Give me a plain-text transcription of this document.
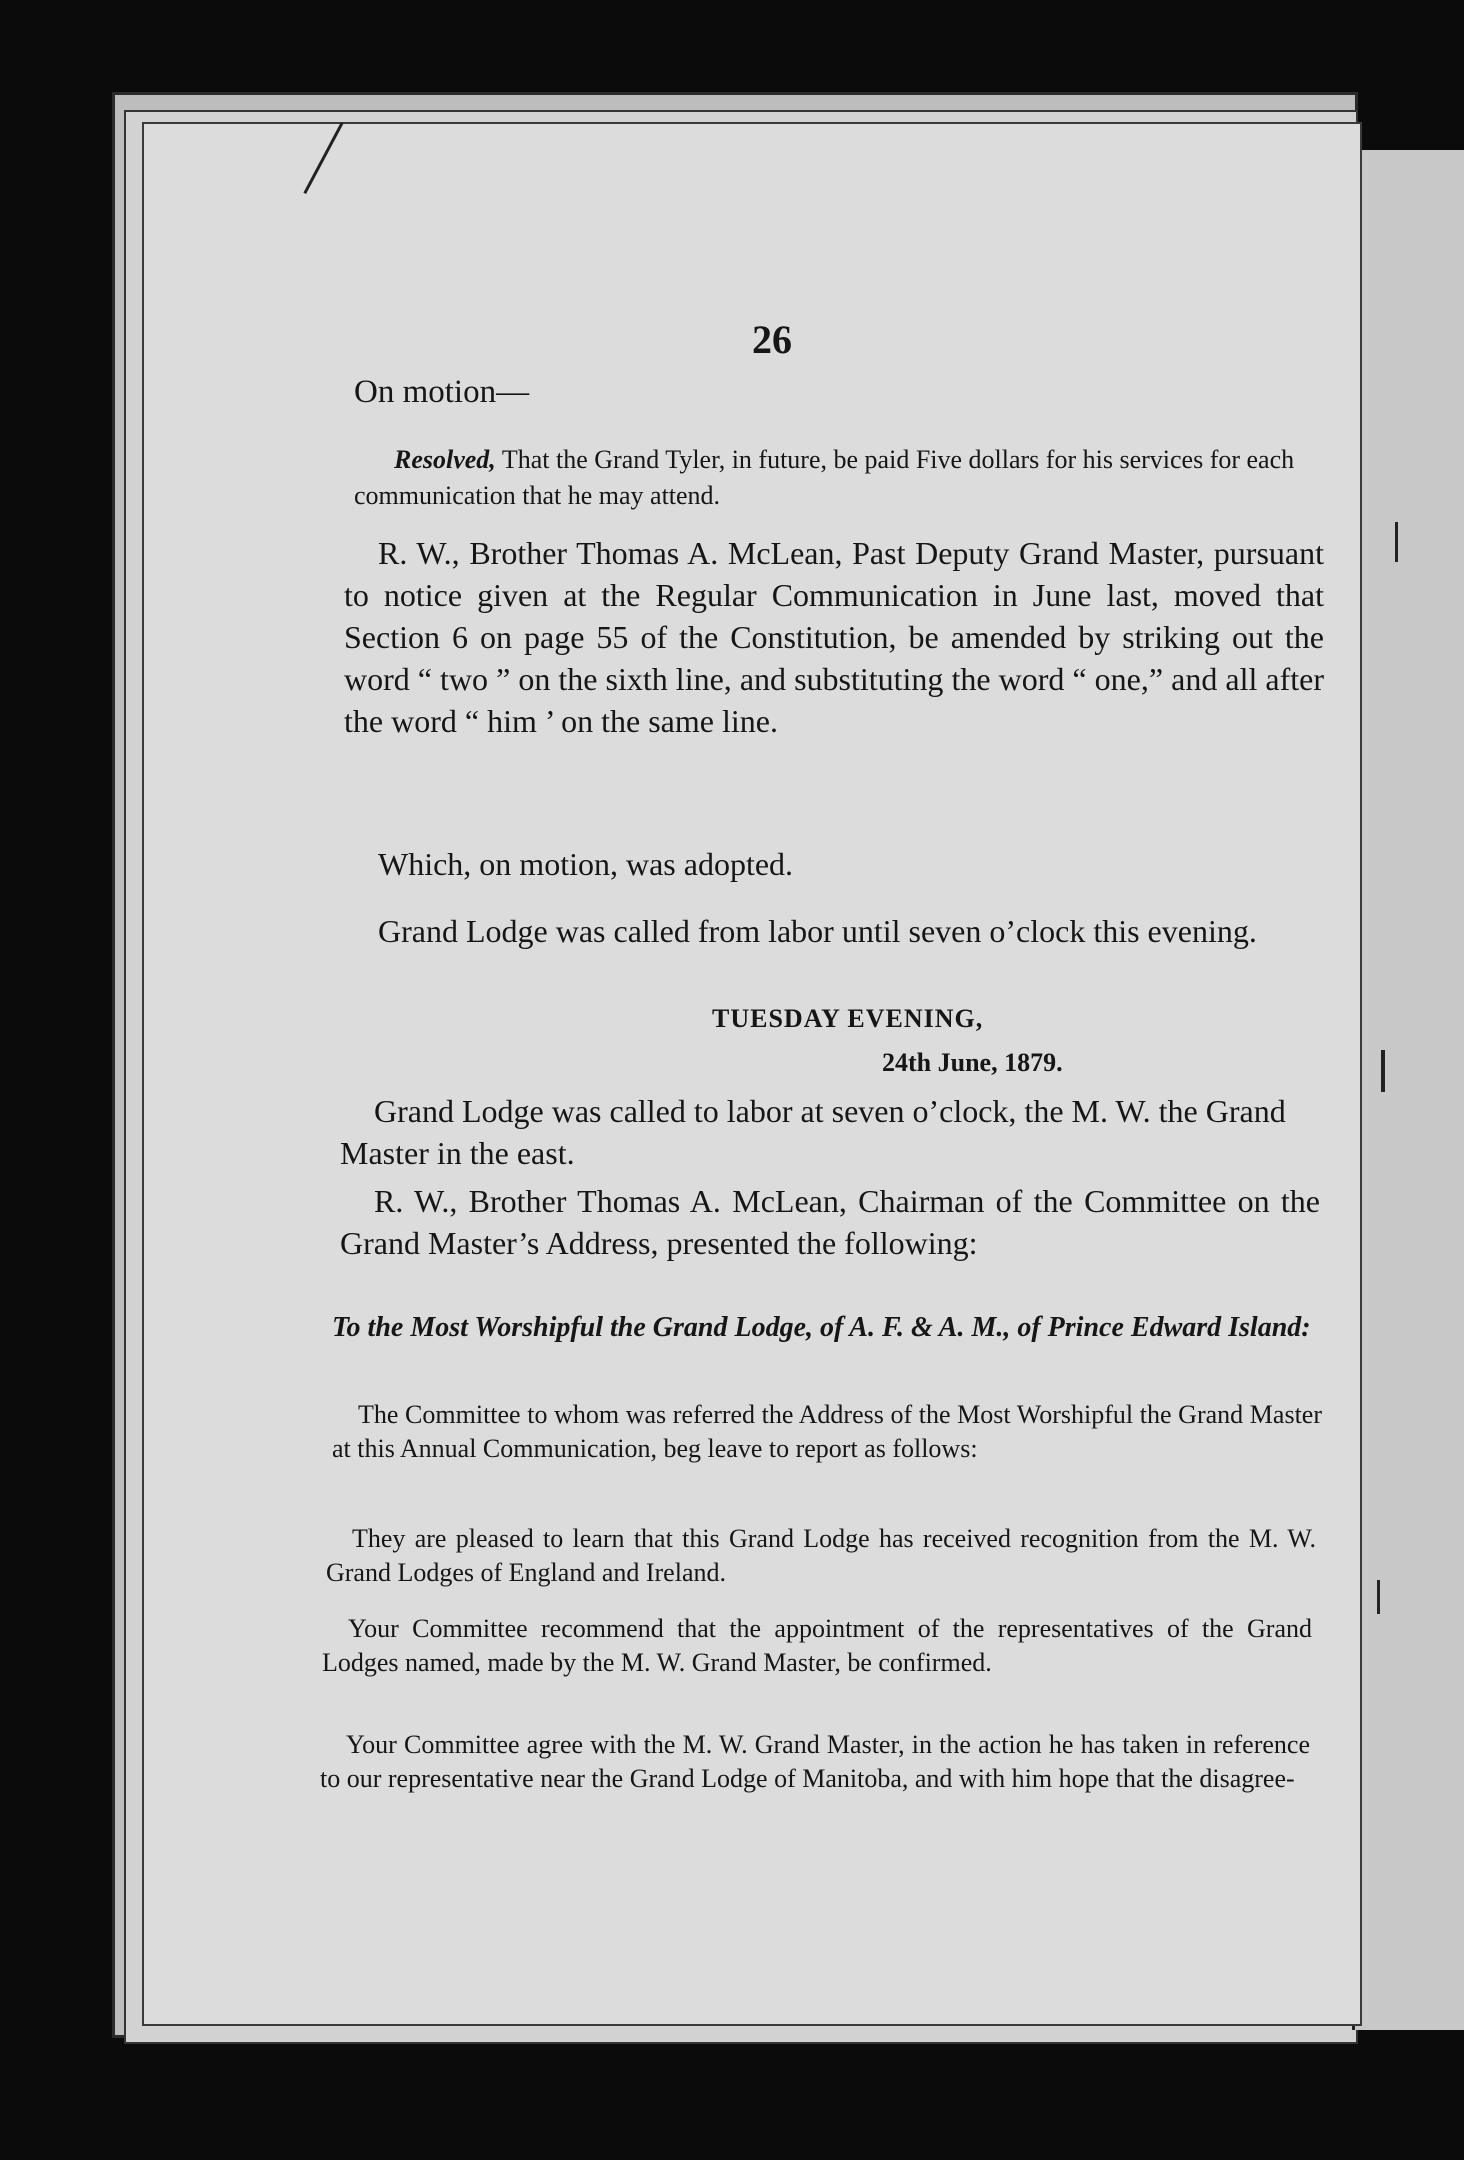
26
On motion—

Resolved, That the Grand Tyler, in future, be paid Five dollars for his services for each communication that he may attend.

R. W., Brother Thomas A. McLean, Past Deputy Grand Master, pursuant to notice given at the Regular Communication in June last, moved that Section 6 on page 55 of the Constitution, be amended by striking out the word “ two ” on the sixth line, and substituting the word “ one,” and all after the word “ him ’ on the same line.

Which, on motion, was adopted.

Grand Lodge was called from labor until seven o’clock this evening.

TUESDAY EVENING,
24th June, 1879.

Grand Lodge was called to labor at seven o’clock, the M. W. the Grand Master in the east.

R. W., Brother Thomas A. McLean, Chairman of the Committee on the Grand Master’s Address, presented the following:

To the Most Worshipful the Grand Lodge, of A. F. & A. M., of Prince Edward Island:

The Committee to whom was referred the Address of the Most Worshipful the Grand Master at this Annual Communication, beg leave to report as follows:

They are pleased to learn that this Grand Lodge has received recognition from the M. W. Grand Lodges of England and Ireland.

Your Committee recommend that the appointment of the representatives of the Grand Lodges named, made by the M. W. Grand Master, be confirmed.

Your Committee agree with the M. W. Grand Master, in the action he has taken in reference to our representative near the Grand Lodge of Manitoba, and with him hope that the disagree-
